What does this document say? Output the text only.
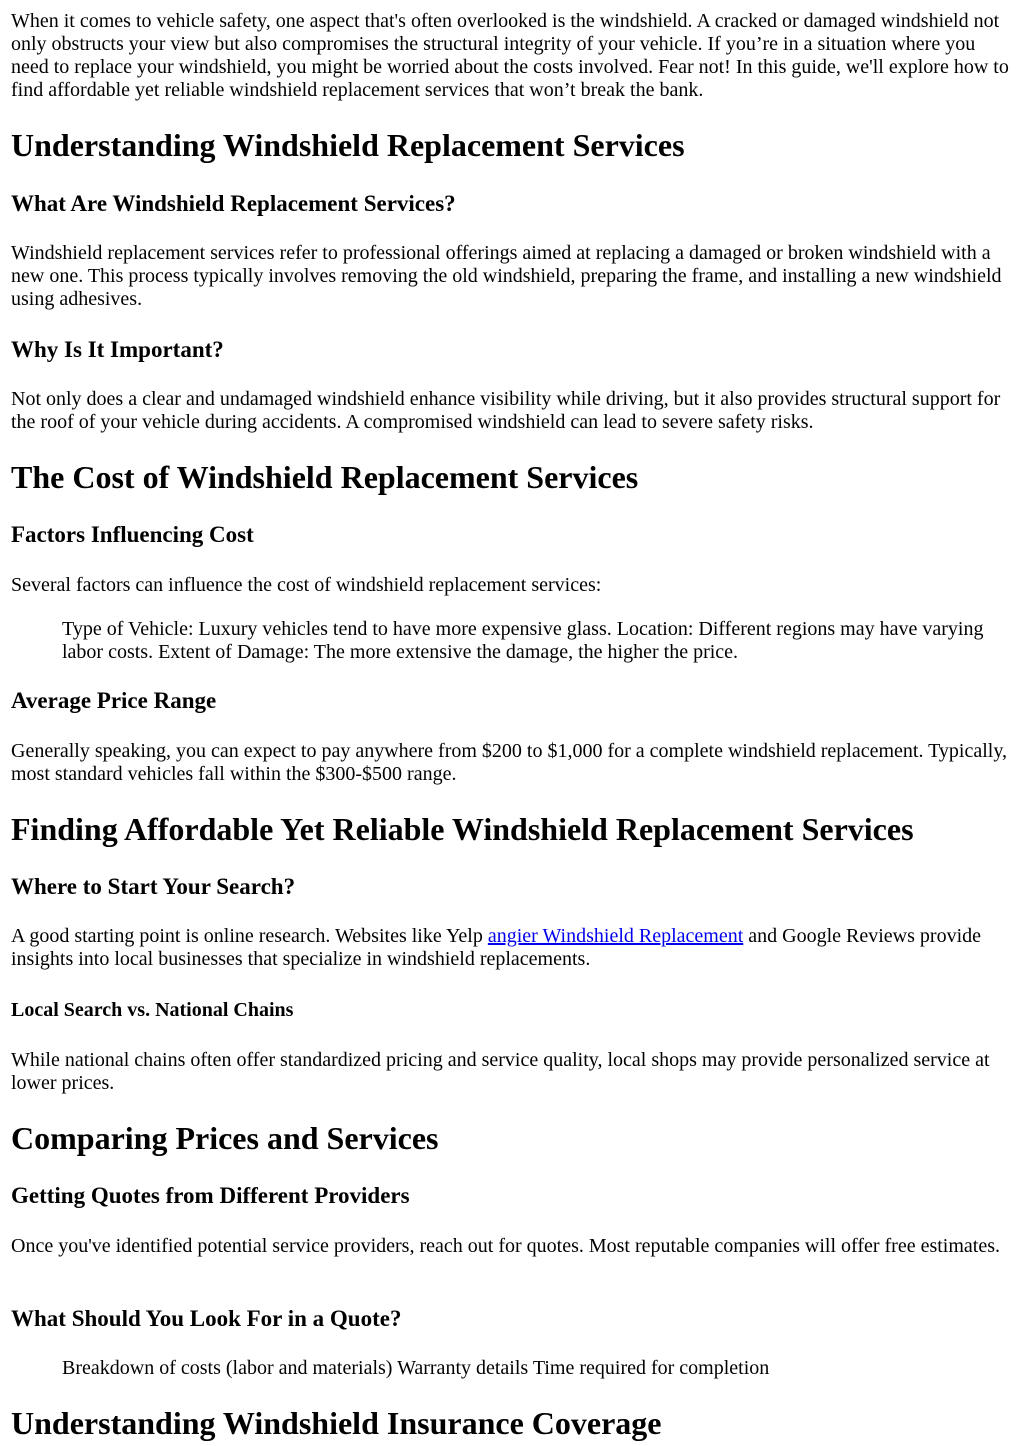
When it comes to vehicle safety, one aspect that's often overlooked is the windshield. A cracked or damaged windshield not only obstructs your view but also compromises the structural integrity of your vehicle. If you’re in a situation where you need to replace your windshield, you might be worried about the costs involved. Fear not! In this guide, we'll explore how to find affordable yet reliable windshield replacement services that won’t break the bank.

Understanding Windshield Replacement Services
What Are Windshield Replacement Services?

Windshield replacement services refer to professional offerings aimed at replacing a damaged or broken windshield with a new one. This process typically involves removing the old windshield, preparing the frame, and installing a new windshield using adhesives.

Why Is It Important?

Not only does a clear and undamaged windshield enhance visibility while driving, but it also provides structural support for the roof of your vehicle during accidents. A compromised windshield can lead to severe safety risks.

The Cost of Windshield Replacement Services
Factors Influencing Cost

Several factors can influence the cost of windshield replacement services:

Type of Vehicle: Luxury vehicles tend to have more expensive glass. Location: Different regions may have varying labor costs. Extent of Damage: The more extensive the damage, the higher the price.

Average Price Range

Generally speaking, you can expect to pay anywhere from $200 to $1,000 for a complete windshield replacement. Typically, most standard vehicles fall within the $300-$500 range.

Finding Affordable Yet Reliable Windshield Replacement Services
Where to Start Your Search?

A good starting point is online research. Websites like Yelp angier Windshield Replacement and Google Reviews provide insights into local businesses that specialize in windshield replacements.

Local Search vs. National Chains

While national chains often offer standardized pricing and service quality, local shops may provide personalized service at lower prices.

Comparing Prices and Services
Getting Quotes from Different Providers

Once you've identified potential service providers, reach out for quotes. Most reputable companies will offer free estimates.

What Should You Look For in a Quote?

Breakdown of costs (labor and materials) Warranty details Time required for completion

Understanding Windshield Insurance Coverage
